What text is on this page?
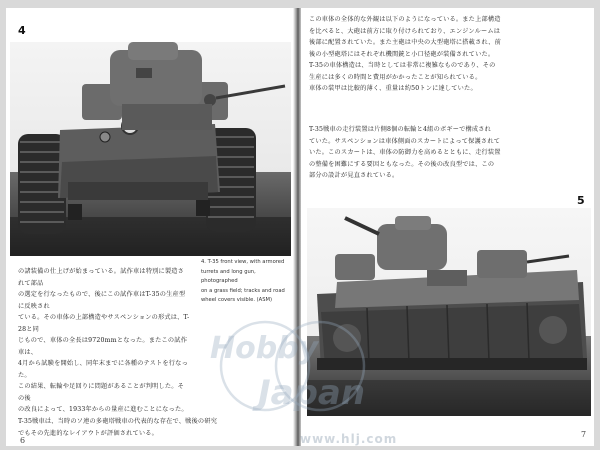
4
の諸装備の仕上げが始まっている。試作車は特別に製造されて部品
の選定を行なったもので、後にこの試作車はT-35の生産型に反映され
ている。その車体の上部構造やサスペンションの形式は、T-28と同
じもので、車体の全長は9720mmとなった。またこの試作車は、
4月から試験を開始し、同年末までに各種のテストを行なった。
この結果、転輪や足回りに問題があることが判明した。その後
の改良によって、1933年からの量産に進むことになった。

4. T-35 front view, with armored
turrets and long gun, photographed
on a grass field; tracks and road
wheel covers visible. (ASM)
T-35戦車は、当時のソ連の多砲塔戦車の代表的な存在で、戦後の研究
でもその先進的なレイアウトが評価されている。
6
この車体の全体的な外観は以下のようになっている。また上部構造
を比べると、大砲は前方に取り付けられており、エンジンルームは
後部に配置されていた。また主砲は中央の大型砲塔に搭載され、前
後の小型砲塔にはそれぞれ機関銃と小口径砲が装備されていた。
T-35の車体構造は、当時としては非常に複雑なものであり、その
生産には多くの時間と費用がかかったことが知られている。
車体の装甲は比較的薄く、重量は約50トンに達していた。
T-35戦車の走行装置は片側8個の転輪と4組のボギーで構成され
ていた。サスペンションは車体側面のスカートによって保護されて
いた。このスカートは、車体の防御力を高めるとともに、走行装置
の整備を困難にする要因ともなった。その後の改良型では、この
部分の設計が見直されている。
5
7
Hobby
Japan
www.hlj.com
